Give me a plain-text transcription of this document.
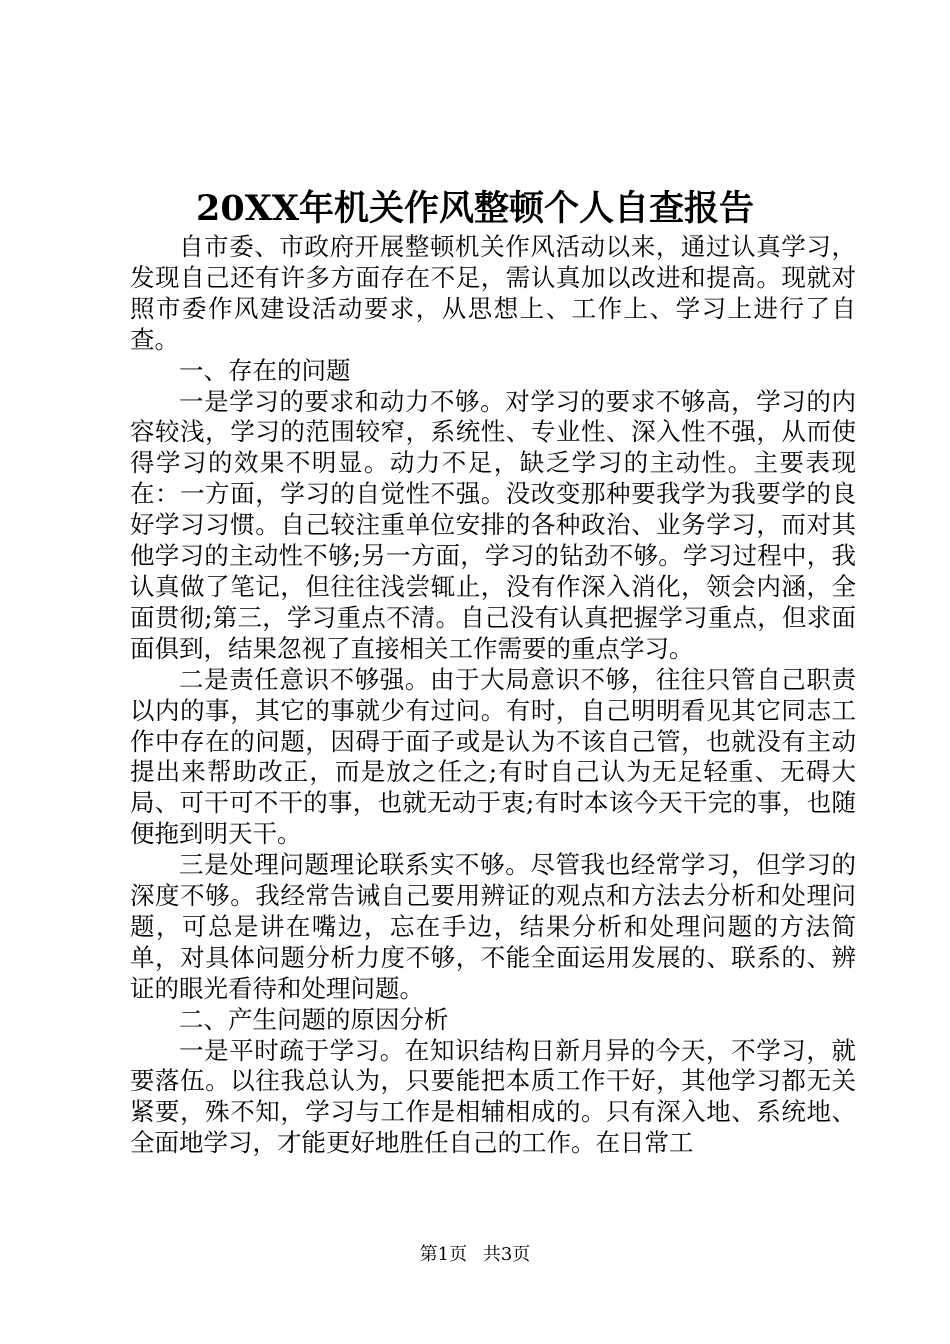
20XX年机关作风整顿个人自查报告

自市委、市政府开展整顿机关作风活动以来，通过认真学习，发现自己还有许多方面存在不足，需认真加以改进和提高。现就对照市委作风建设活动要求，从思想上、工作上、学习上进行了自查。

一、存在的问题

一是学习的要求和动力不够。对学习的要求不够高，学习的内容较浅，学习的范围较窄，系统性、专业性、深入性不强，从而使得学习的效果不明显。动力不足，缺乏学习的主动性。主要表现在：一方面，学习的自觉性不强。没改变那种要我学为我要学的良好学习习惯。自己较注重单位安排的各种政治、业务学习，而对其他学习的主动性不够;另一方面，学习的钻劲不够。学习过程中，我认真做了笔记，但往往浅尝辄止，没有作深入消化，领会内涵，全面贯彻;第三，学习重点不清。自己没有认真把握学习重点，但求面面俱到，结果忽视了直接相关工作需要的重点学习。

二是责任意识不够强。由于大局意识不够，往往只管自己职责以内的事，其它的事就少有过问。有时，自己明明看见其它同志工作中存在的问题，因碍于面子或是认为不该自己管，也就没有主动提出来帮助改正，而是放之任之;有时自己认为无足轻重、无碍大局、可干可不干的事，也就无动于衷;有时本该今天干完的事，也随便拖到明天干。

三是处理问题理论联系实不够。尽管我也经常学习，但学习的深度不够。我经常告诫自己要用辨证的观点和方法去分析和处理问题，可总是讲在嘴边，忘在手边，结果分析和处理问题的方法简单，对具体问题分析力度不够，不能全面运用发展的、联系的、辨证的眼光看待和处理问题。

二、产生问题的原因分析

一是平时疏于学习。在知识结构日新月异的今天，不学习，就要落伍。以往我总认为，只要能把本质工作干好，其他学习都无关紧要，殊不知，学习与工作是相辅相成的。只有深入地、系统地、全面地学习，才能更好地胜任自己的工作。在日常工

第1页 共3页
